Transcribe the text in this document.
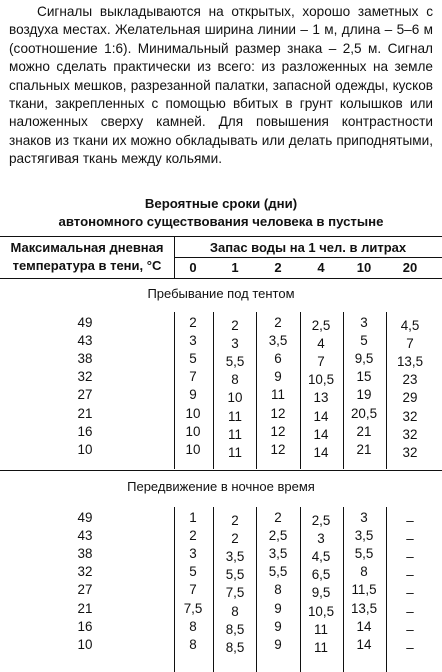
Сигналы выкладываются на открытых, хорошо заметных с воздуха местах. Желательная ширина линии – 1 м, длина – 5–6 м (соотношение 1:6). Минимальный размер знака – 2,5 м. Сигнал можно сделать практически из всего: из разложенных на земле спальных мешков, разрезанной палатки, запасной одежды, кусков ткани, закрепленных с помощью вбитых в грунт колышков или наложенных сверху камней. Для повышения контрастности знаков из ткани их можно обкладывать или делать приподнятыми, растягивая ткань между кольями.

Вероятные сроки (дни)
автономного существования человека в пустыне
Максимальная дневная
температура в тени, °С
Запас воды на 1 чел. в литрах
0	1	2	4	10	20
Пребывание под тентом
49	2	2	2	2,5	3	4,5
43	3	3	3,5	4	5	7
38	5	5,5	6	7	9,5	13,5
32	7	8	9	10,5	15	23
27	9	10	11	13	19	29
21	10	11	12	14	20,5	32
16	10	11	12	14	21	32
10	10	11	12	14	21	32
Передвижение в ночное время
49	1	2	2	2,5	3	–
43	2	2	2,5	3	3,5	–
38	3	3,5	3,5	4,5	5,5	–
32	5	5,5	5,5	6,5	8	–
27	7	7,5	8	9,5	11,5	–
21	7,5	8	9	10,5	13,5	–
16	8	8,5	9	11	14	–
10	8	8,5	9	11	14	–
